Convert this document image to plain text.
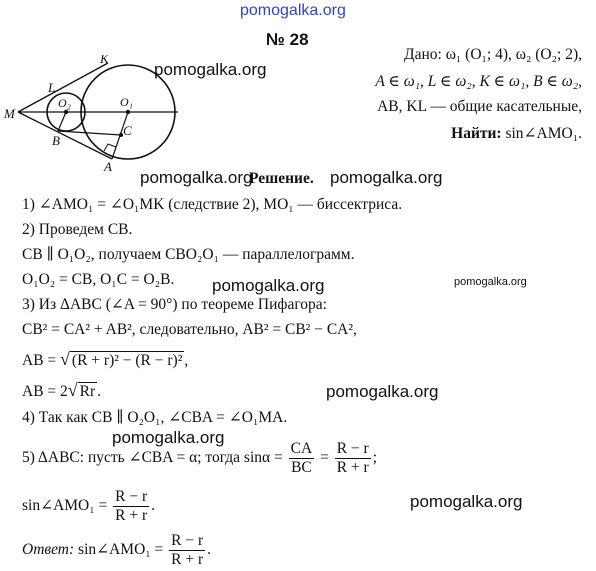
pomogalka.org
№ 28
M
L
K
O₂	O₁
B
C
A
pomogalka.org
Дано: ω₁ (O₁; 4), ω₂ (O₂; 2),
A ∈ ω₁, L ∈ ω₂, K ∈ ω₁, B ∈ ω₂,
AB, KL — общие касательные,
Найти: sin∠AMO₁.
pomogalka.org
Решение. pomogalka.org
1) ∠AMO₁ = ∠O₁MK (следствие 2), MO₁ — биссектриса.
2) Проведем CB.
CB ∥ O₁O₂, получаем CBO₂O₁ — параллелограмм.
O₁O₂ = CB, O₁C = O₂B. pomogalka.org	pomogalka.org
3) Из ΔABC (∠A = 90°) по теореме Пифагора:
CB² = CA² + AB², следовательно, AB² = CB² − CA²,
AB = √ (R + r)² − (R − r)² ,
AB = 2√ Rr .	pomogalka.org
4) Так как CB ∥ O₂O₁, ∠CBA = ∠O₁MA.
pomogalka.org
5) ΔABC: пусть ∠CBA = α; тогда $\sin\alpha = \frac{CA}{BC} = \frac{R - r}{R + r}$ ;
sin∠AMO₁ = $\frac{R - r}{R + r}$ .	pomogalka.org
Ответ: sin∠AMO₁ = $\frac{R - r}{R + r}$ .
